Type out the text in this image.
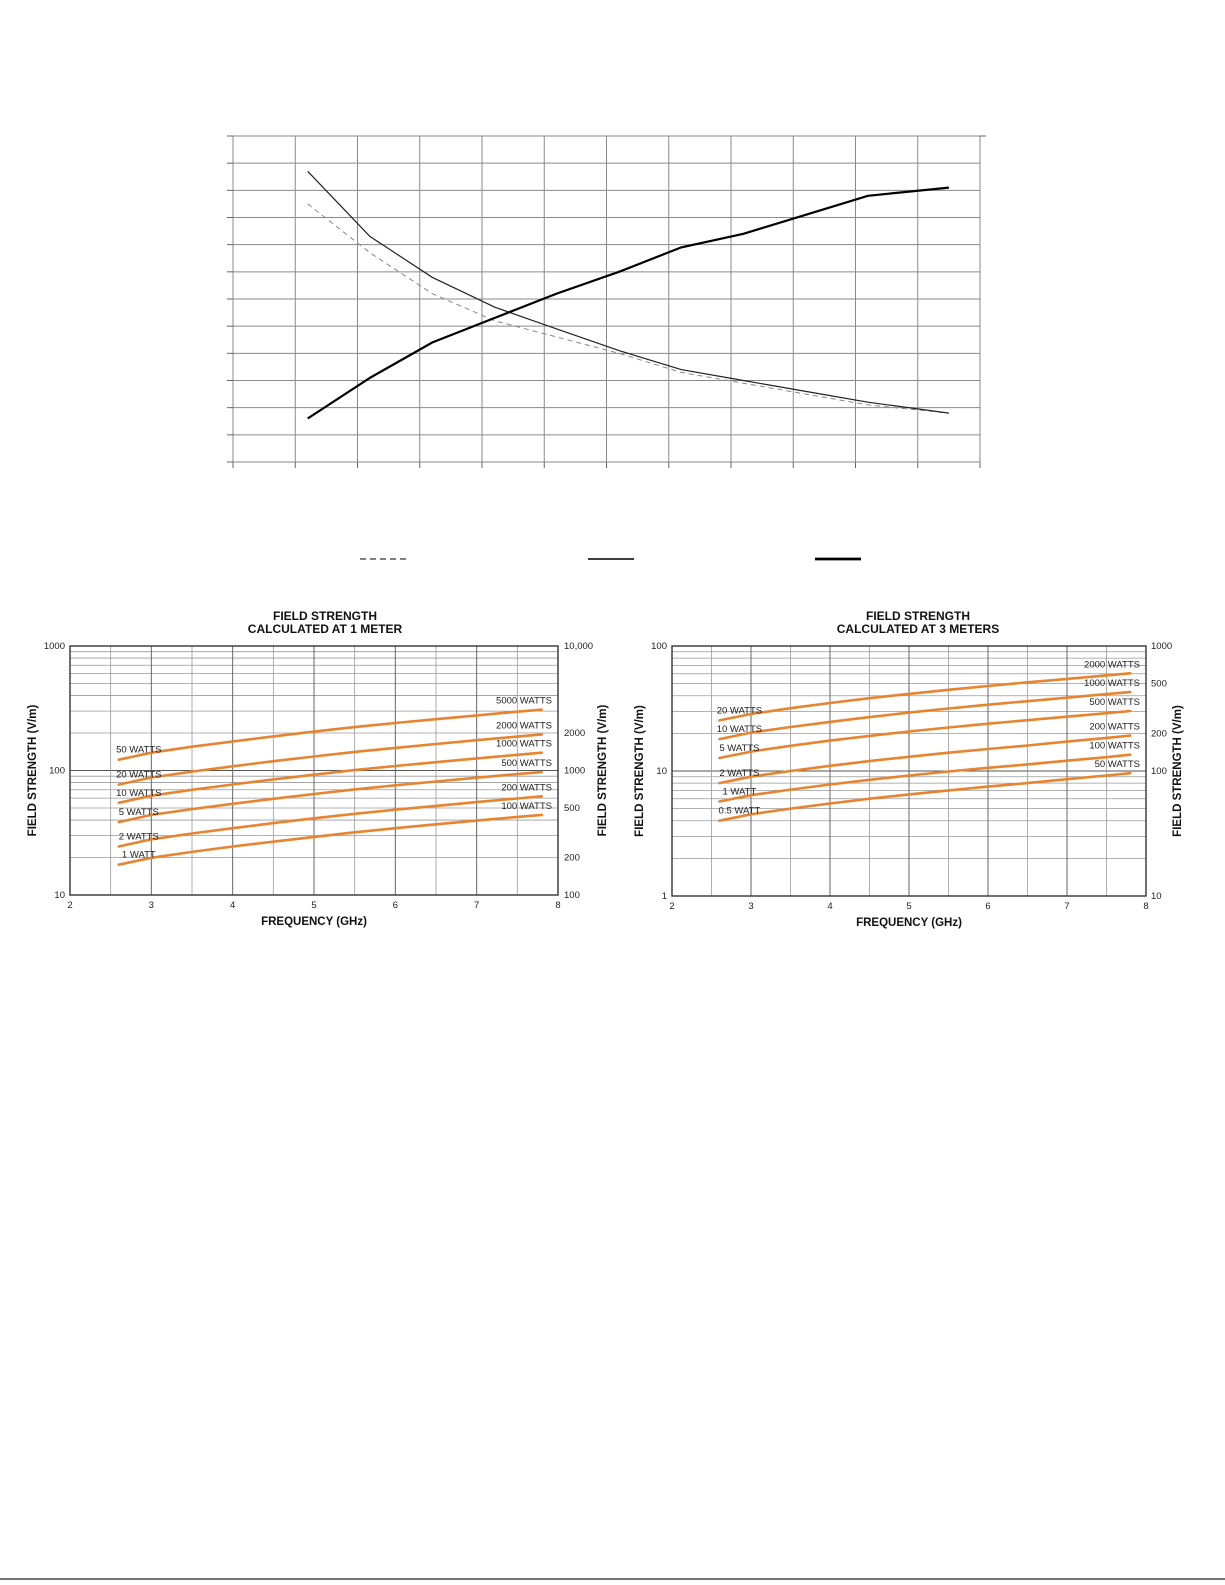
FIELD STRENGTH
CALCULATED AT 1 METER
2	3	4	5	6	7	8
FREQUENCY (GHz)
1000
100
10
10,000
2000
1000
500
200
100
FIELD STRENGTH (V/m)	FIELD STRENGTH (V/m)
1 WATT
2 WATTS
5 WATTS
10 WATTS
20 WATTS
50 WATTS
5000 WATTS
2000 WATTS
1000 WATTS
500 WATTS
200 WATTS
100 WATTS
FIELD STRENGTH
CALCULATED AT 3 METERS
2	3	4	5	6	7	8
FREQUENCY (GHz)
100
10
1
1000
500
200
100
10
FIELD STRENGTH (V/m)	FIELD STRENGTH (V/m)
0.5 WATT
1 WATT
2 WATTS
5 WATTS
10 WATTS
20 WATTS
2000 WATTS
1000 WATTS
500 WATTS
200 WATTS
100 WATTS
50 WATTS
